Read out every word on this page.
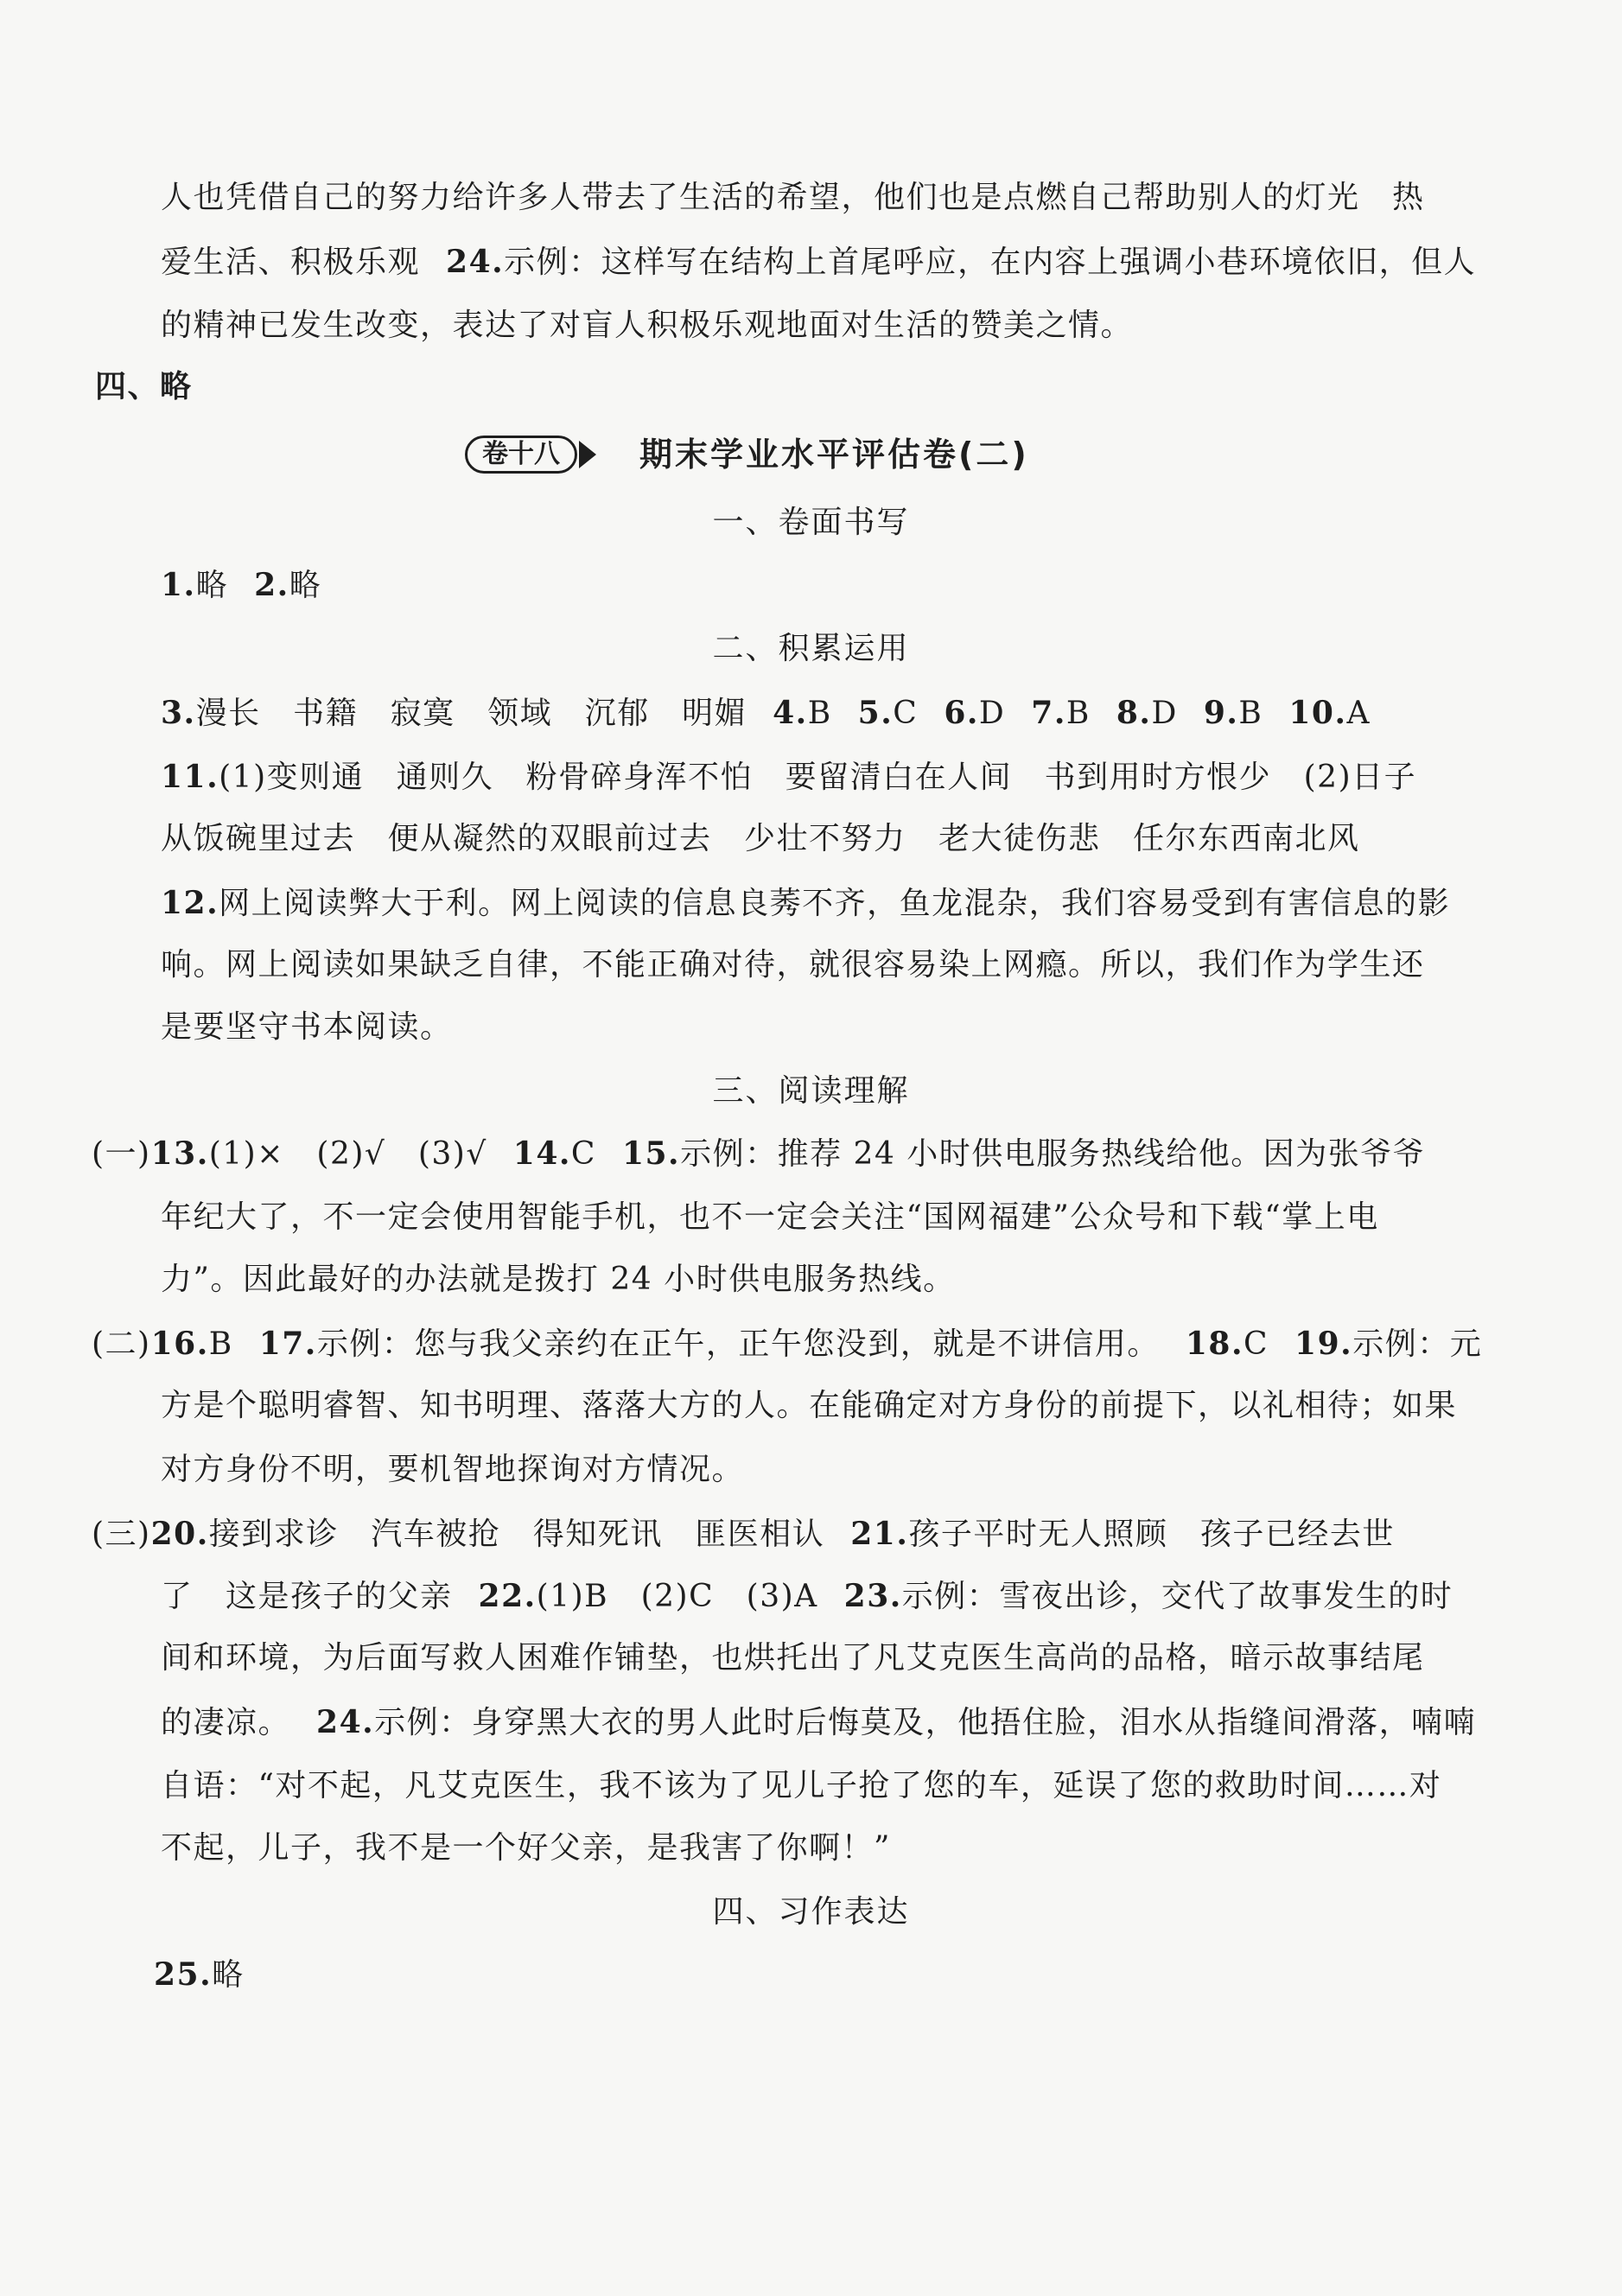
人也凭借自己的努力给许多人带去了生活的希望，他们也是点燃自己帮助别人的灯光　热

爱生活、积极乐观 24.示例：这样写在结构上首尾呼应，在内容上强调小巷环境依旧，但人

的精神已发生改变，表达了对盲人积极乐观地面对生活的赞美之情。

四、略

卷十八	期末学业水平评估卷(二)

一、卷面书写

1.略 2.略

二、积累运用

3.漫长　书籍　寂寞　领域　沉郁　明媚 4.B 5.C 6.D 7.B 8.D 9.B 10.A

11.(1)变则通　通则久　粉骨碎身浑不怕　要留清白在人间　书到用时方恨少　(2)日子

从饭碗里过去　便从凝然的双眼前过去　少壮不努力　老大徒伤悲　任尔东西南北风

12.网上阅读弊大于利。网上阅读的信息良莠不齐，鱼龙混杂，我们容易受到有害信息的影

响。网上阅读如果缺乏自律，不能正确对待，就很容易染上网瘾。所以，我们作为学生还

是要坚守书本阅读。

三、阅读理解

(一)13.(1)×　(2)√　(3)√ 14.C 15.示例：推荐 24 小时供电服务热线给他。因为张爷爷

年纪大了，不一定会使用智能手机，也不一定会关注“国网福建”公众号和下载“掌上电

力”。因此最好的办法就是拨打 24 小时供电服务热线。

(二)16.B 17.示例：您与我父亲约在正午，正午您没到，就是不讲信用。 18.C 19.示例：元

方是个聪明睿智、知书明理、落落大方的人。在能确定对方身份的前提下，以礼相待；如果

对方身份不明，要机智地探询对方情况。

(三)20.接到求诊　汽车被抢　得知死讯　匪医相认 21.孩子平时无人照顾　孩子已经去世

了　这是孩子的父亲 22.(1)B　(2)C　(3)A 23.示例：雪夜出诊，交代了故事发生的时

间和环境，为后面写救人困难作铺垫，也烘托出了凡艾克医生高尚的品格，暗示故事结尾

的凄凉。 24.示例：身穿黑大衣的男人此时后悔莫及，他捂住脸，泪水从指缝间滑落，喃喃

自语：“对不起，凡艾克医生，我不该为了见儿子抢了您的车，延误了您的救助时间……对

不起，儿子，我不是一个好父亲，是我害了你啊！”

四、习作表达

25.略
